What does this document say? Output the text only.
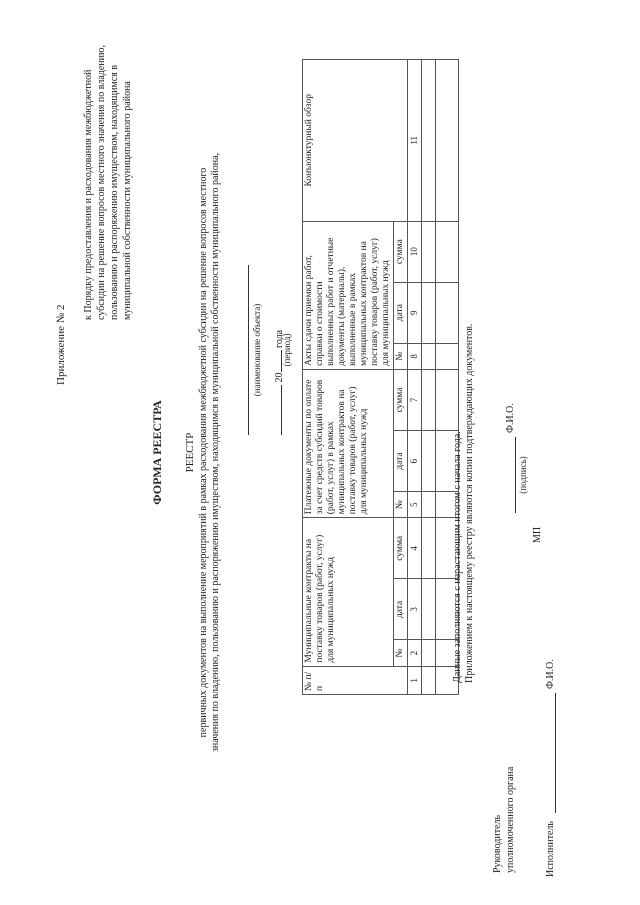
Приложение № 2
к Порядку предоставления и расходования межбюджетной субсидии на решение вопросов местного значения по владению, пользованию и распоряжению имуществом, находящимся в муниципальной собственности муниципального района
ФОРМА РЕЕСТРА РЕЕСТР первичных документов на выполнение мероприятий в рамках расходования межбюджетной субсидии на решение вопросов местного значения по владению, пользованию и распоряжению имуществом, находящимся в муниципальной собственности муниципального района,	(наименование объекта) 20 года
(период)
№ п/п	Муниципальные контракты на поставку товаров (работ, услуг) для муниципальных нужд			Платежные документы по оплате за счет средств субсидий товаров (работ, услуг) в рамках муниципальных контрактов на поставку товаров (работ, услуг) для муниципальных нужд			Акты сдачи приемки работ, справки о стоимости выполненных работ и отчетные документы (материалы), выполненные в рамках муниципальных контрактов на поставку товаров (работ, услуг) для муниципальных нужд			Конъюнктурный обзор
	№	дата	сумма	№	дата	сумма	№	дата	сумма	
1	2	3	4	5	6	7	8	9	10	11

Данные заполняются с нарастающим итогом с начала года. Приложением к настоящему реестру являются копии подтверждающих документов.
Руководитель уполномоченного органа
(подпись)
Ф.И.О.
МП
Исполнитель
Ф.И.О.
